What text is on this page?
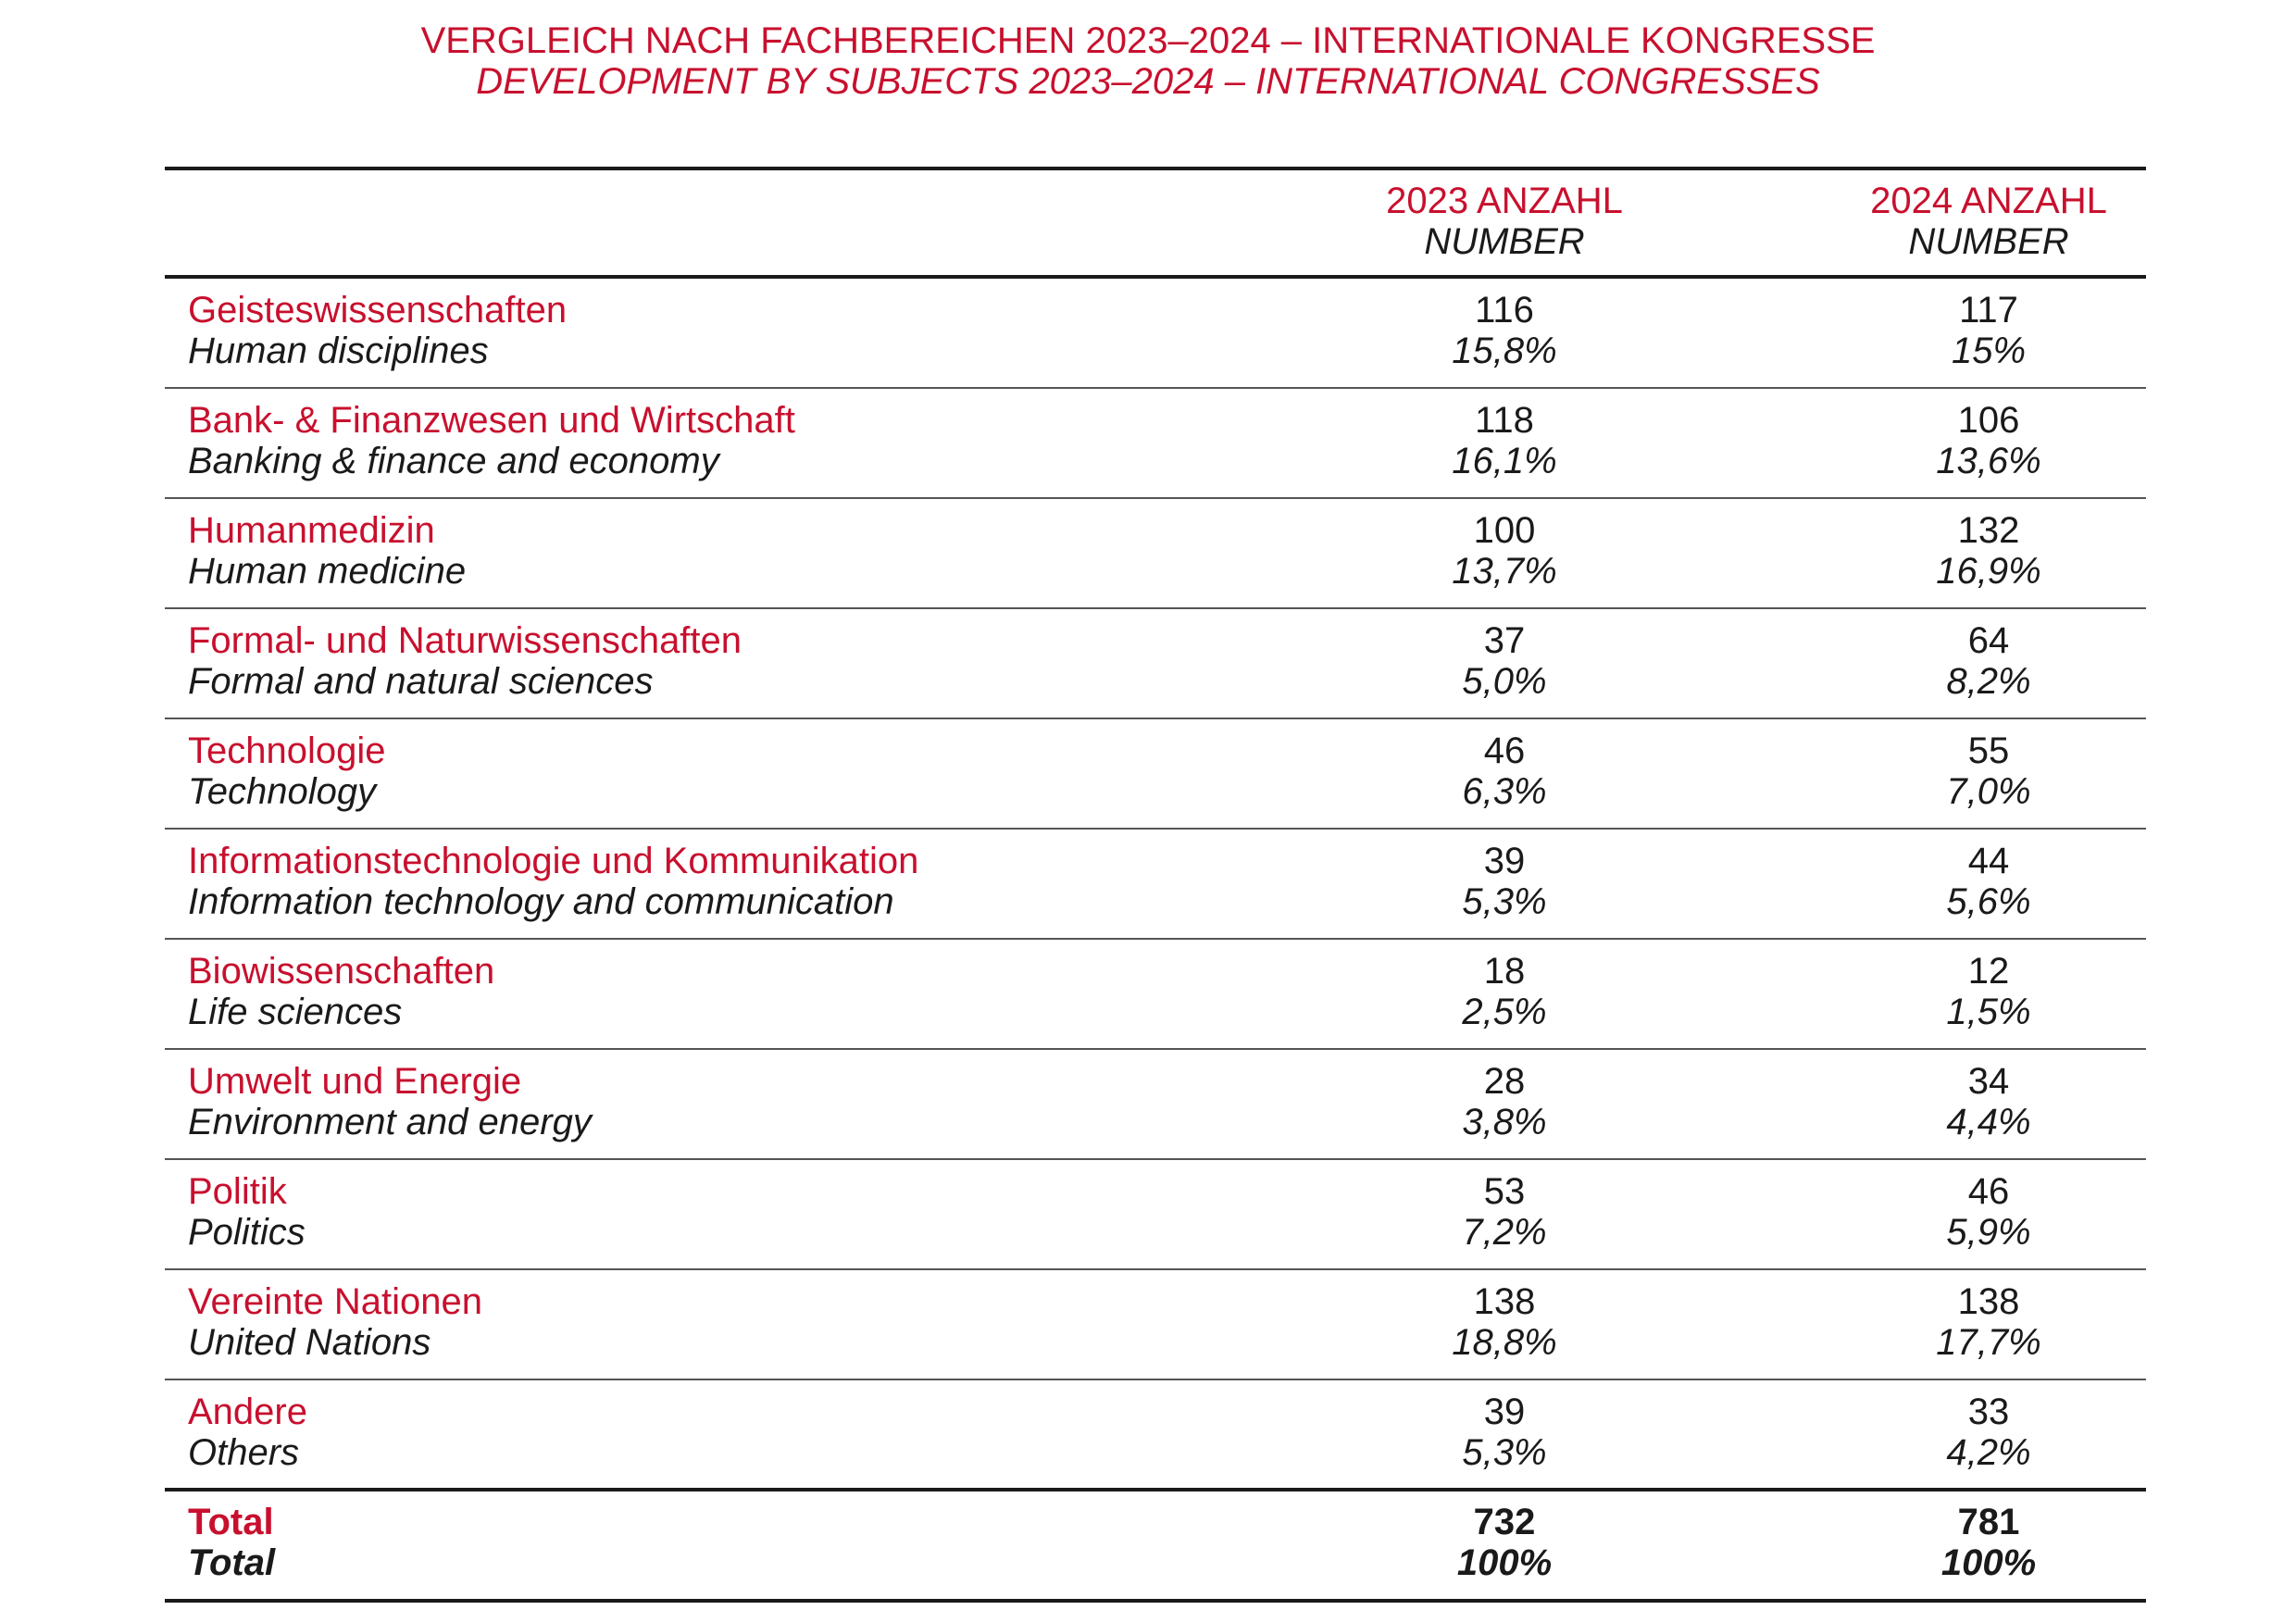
VERGLEICH NACH FACHBEREICHEN 2023–2024 – INTERNATIONALE KONGRESSE
DEVELOPMENT BY SUBJECTS 2023–2024 – INTERNATIONAL CONGRESSES
2023 ANZAHL
NUMBER
2024 ANZAHL
NUMBER
Geisteswissenschaften
Human disciplines
116
15,8%
117
15%
Bank- & Finanzwesen und Wirtschaft
Banking & finance and economy
118
16,1%
106
13,6%
Humanmedizin
Human medicine
100
13,7%
132
16,9%
Formal- und Naturwissenschaften
Formal and natural sciences
37
5,0%
64
8,2%
Technologie
Technology
46
6,3%
55
7,0%
Informationstechnologie und Kommunikation
Information technology and communication
39
5,3%
44
5,6%
Biowissenschaften
Life sciences
18
2,5%
12
1,5%
Umwelt und Energie
Environment and energy
28
3,8%
34
4,4%
Politik
Politics
53
7,2%
46
5,9%
Vereinte Nationen
United Nations
138
18,8%
138
17,7%
Andere
Others
39
5,3%
33
4,2%
Total
Total
732
100%
781
100%
